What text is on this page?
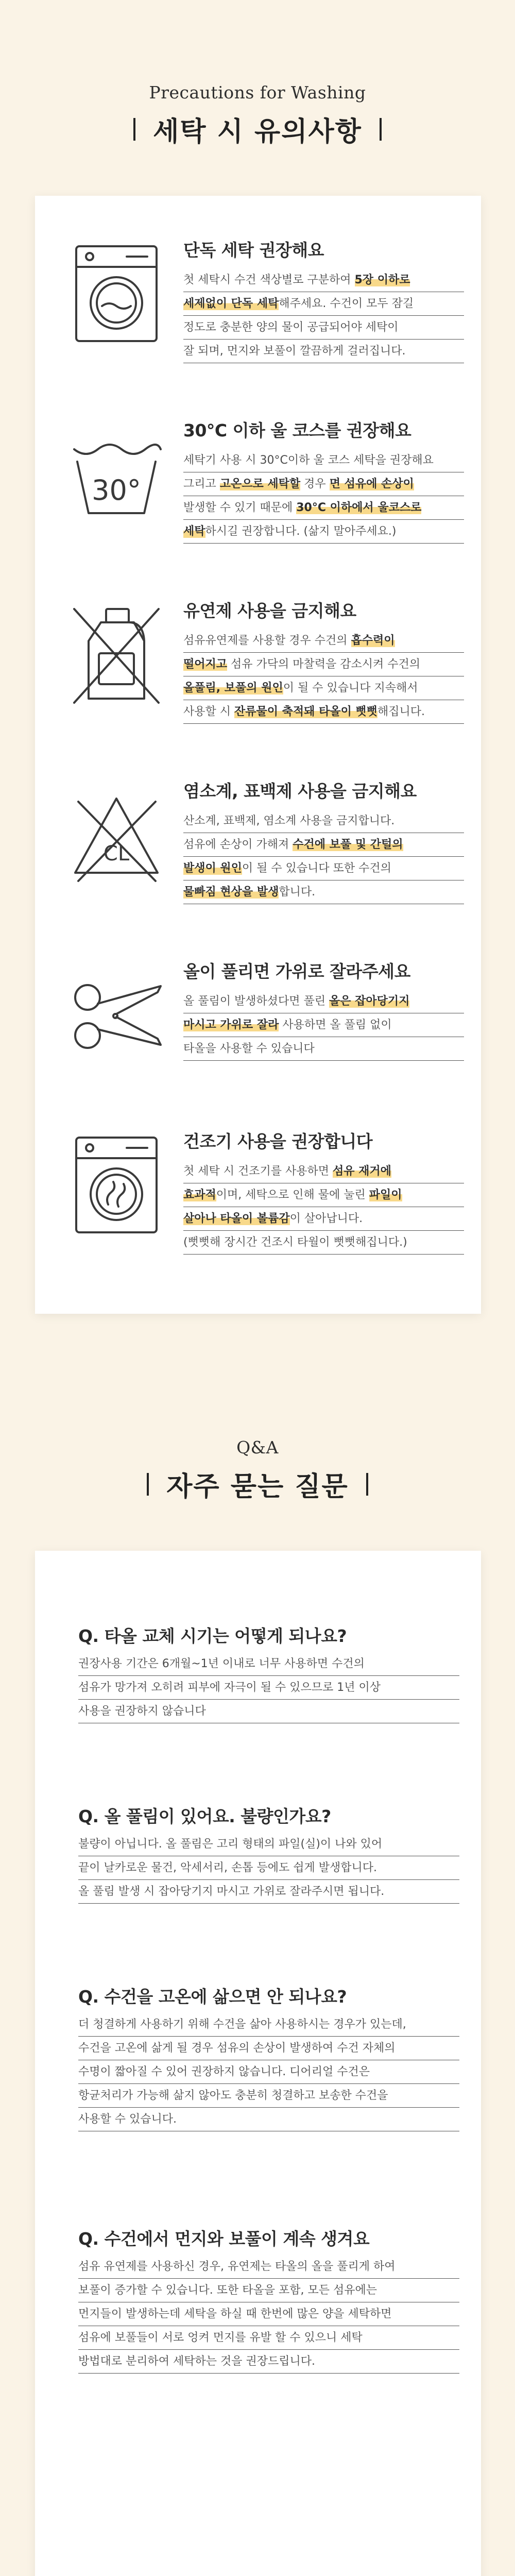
Precautions for Washing
세탁 시 유의사항
단독 세탁 권장해요
첫 세탁시 수건 색상별로 구분하여 5장 이하로
세제없이 단독 세탁해주세요. 수건이 모두 잠길
정도로 충분한 양의 물이 공급되어야 세탁이
잘 되며, 먼지와 보풀이 깔끔하게 걸러집니다.
30°
30°C 이하 울 코스를 권장해요
세탁기 사용 시 30°C이하 울 코스 세탁을 권장해요
그리고 고온으로 세탁할 경우 면 섬유에 손상이
발생할 수 있기 때문에 30°C 이하에서 울코스로
세탁하시길 권장합니다. (삶지 말아주세요.)
유연제 사용을 금지해요
섬유유연제를 사용할 경우 수건의 흡수력이
떨어지고 섬유 가닥의 마찰력을 감소시켜 수건의
올풀림, 보풀의 원인이 될 수 있습니다 지속해서
사용할 시 잔류물이 축적돼 타올이 뻣뻣해집니다.
CL
염소계, 표백제 사용을 금지해요
산소계, 표백제, 염소계 사용을 금지합니다.
섬유에 손상이 가해져 수건에 보풀 및 간털의
발생이 원인이 될 수 있습니다 또한 수건의
물빠짐 현상을 발생합니다.
올이 풀리면 가위로 잘라주세요
올 풀림이 발생하셨다면 풀린 올은 잡아당기지
마시고 가위로 잘라 사용하면 올 풀림 없이
타올을 사용할 수 있습니다
건조기 사용을 권장합니다
첫 세탁 시 건조기를 사용하면 섬유 재거에
효과적이며, 세탁으로 인해 물에 눌린 파일이
살아나 타올이 볼륨감이 살아납니다.
(뻣뻣해 장시간 건조시 타월이 뻣뻣해집니다.)
Q&A
자주 묻는 질문
Q. 타올 교체 시기는 어떻게 되나요?
권장사용 기간은 6개월~1년 이내로 너무 사용하면 수건의
섬유가 망가져 오히려 피부에 자극이 될 수 있으므로 1년 이상
사용을 권장하지 않습니다
Q. 올 풀림이 있어요. 불량인가요?
불량이 아닙니다. 올 풀림은 고리 형태의 파일(실)이 나와 있어
끝이 날카로운 물건, 악세서리, 손톱 등에도 쉽게 발생합니다.
올 풀림 발생 시 잡아당기지 마시고 가위로 잘라주시면 됩니다.
Q. 수건을 고온에 삶으면 안 되나요?
더 청결하게 사용하기 위해 수건을 삶아 사용하시는 경우가 있는데,
수건을 고온에 삶게 될 경우 섬유의 손상이 발생하여 수건 자체의
수명이 짧아질 수 있어 권장하지 않습니다. 디어리얼 수건은
항균처리가 가능해 삶지 않아도 충분히 청결하고 보송한 수건을
사용할 수 있습니다.
Q. 수건에서 먼지와 보풀이 계속 생겨요
섬유 유연제를 사용하신 경우, 유연제는 타올의 올을 풀리게 하여
보풀이 증가할 수 있습니다. 또한 타올을 포함, 모든 섬유에는
먼지들이 발생하는데 세탁을 하실 때 한번에 많은 양을 세탁하면
섬유에 보풀들이 서로 엉켜 먼지를 유발 할 수 있으니 세탁
방법대로 분리하여 세탁하는 것을 권장드립니다.
